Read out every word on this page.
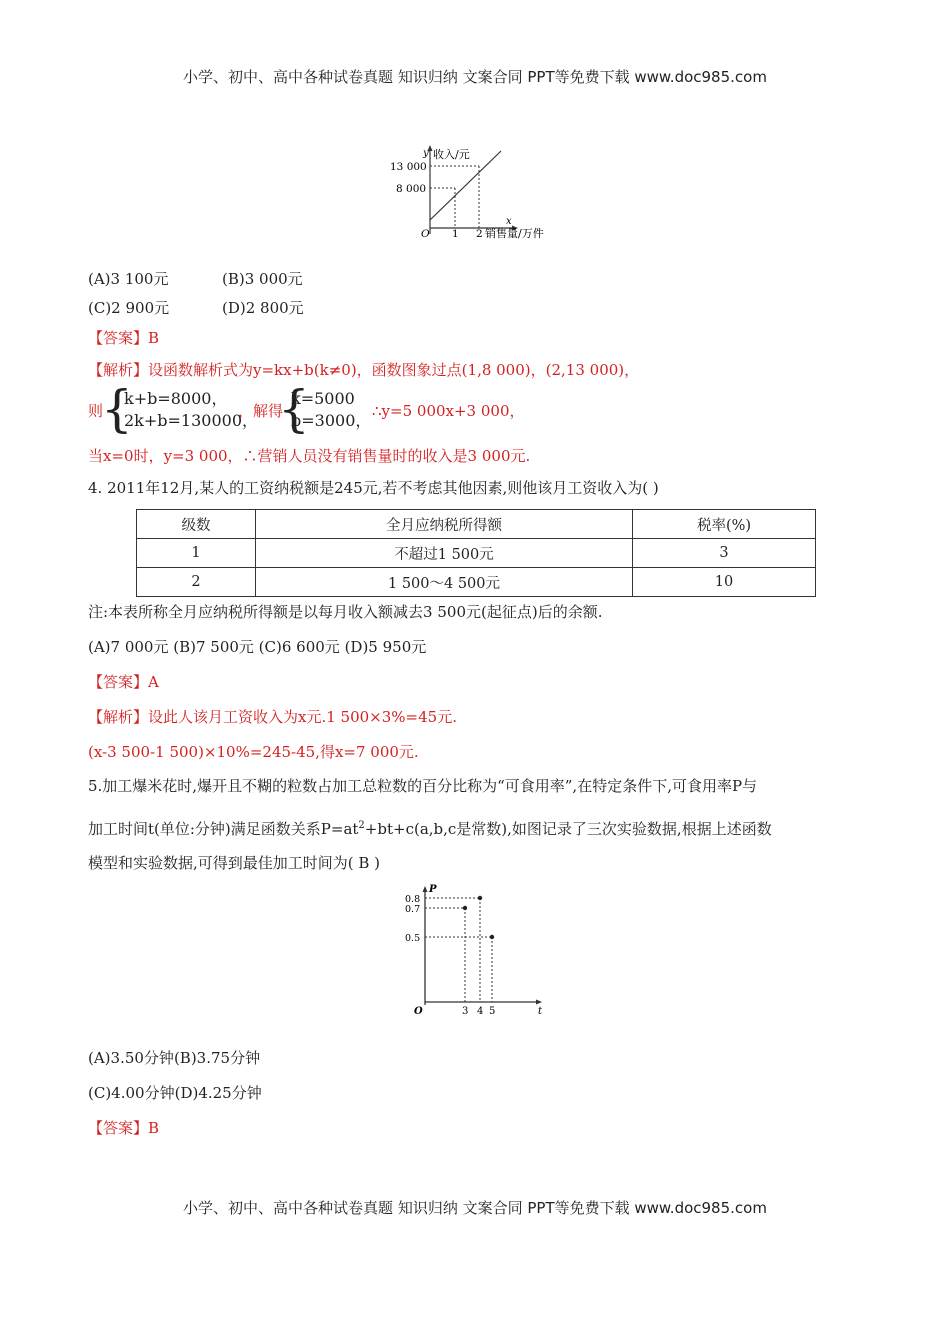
小学、初中、高中各种试卷真题 知识归纳 文案合同 PPT等免费下载 www.doc985.com
y 收入/元
13 000
8 000
O 1 2
x
销售量/万件
(A)3 100元	(B)3 000元
(C)2 900元	(D)2 800元
【答案】B
【解析】设函数解析式为y=kx+b(k≠0)，函数图象过点(1,8 000)，(2,13 000)，
则
{
k+b=8000，
2k+b=130000，
，解得
{
k=5000
b=3000， ∴y=5 000x+3 000，
当x=0时，y=3 000，∴营销人员没有销售量时的收入是3 000元.
4. 2011年12月,某人的工资纳税额是245元,若不考虑其他因素,则他该月工资收入为( )
级数	全月应纳税所得额	税率(%)
1	不超过1 500元	3
2	1 500～4 500元	10
注:本表所称全月应纳税所得额是以每月收入额减去3 500元(起征点)后的余额.
(A)7 000元 (B)7 500元 (C)6 600元 (D)5 950元
【答案】A
【解析】设此人该月工资收入为x元.1 500×3%=45元.
(x-3 500-1 500)×10%=245-45,得x=7 000元.
5.加工爆米花时,爆开且不糊的粒数占加工总粒数的百分比称为“可食用率”,在特定条件下,可食用率P与
加工时间t(单位:分钟)满足函数关系$P=at^2+bt+c(a,b,c$是常数),如图记录了三次实验数据,根据上述函数
模型和实验数据,可得到最佳加工时间为( B )
P
0.8
0.7
0.5
O	3 4 5	t
(A)3.50分钟(B)3.75分钟
(C)4.00分钟(D)4.25分钟
【答案】B
小学、初中、高中各种试卷真题 知识归纳 文案合同 PPT等免费下载 www.doc985.com
